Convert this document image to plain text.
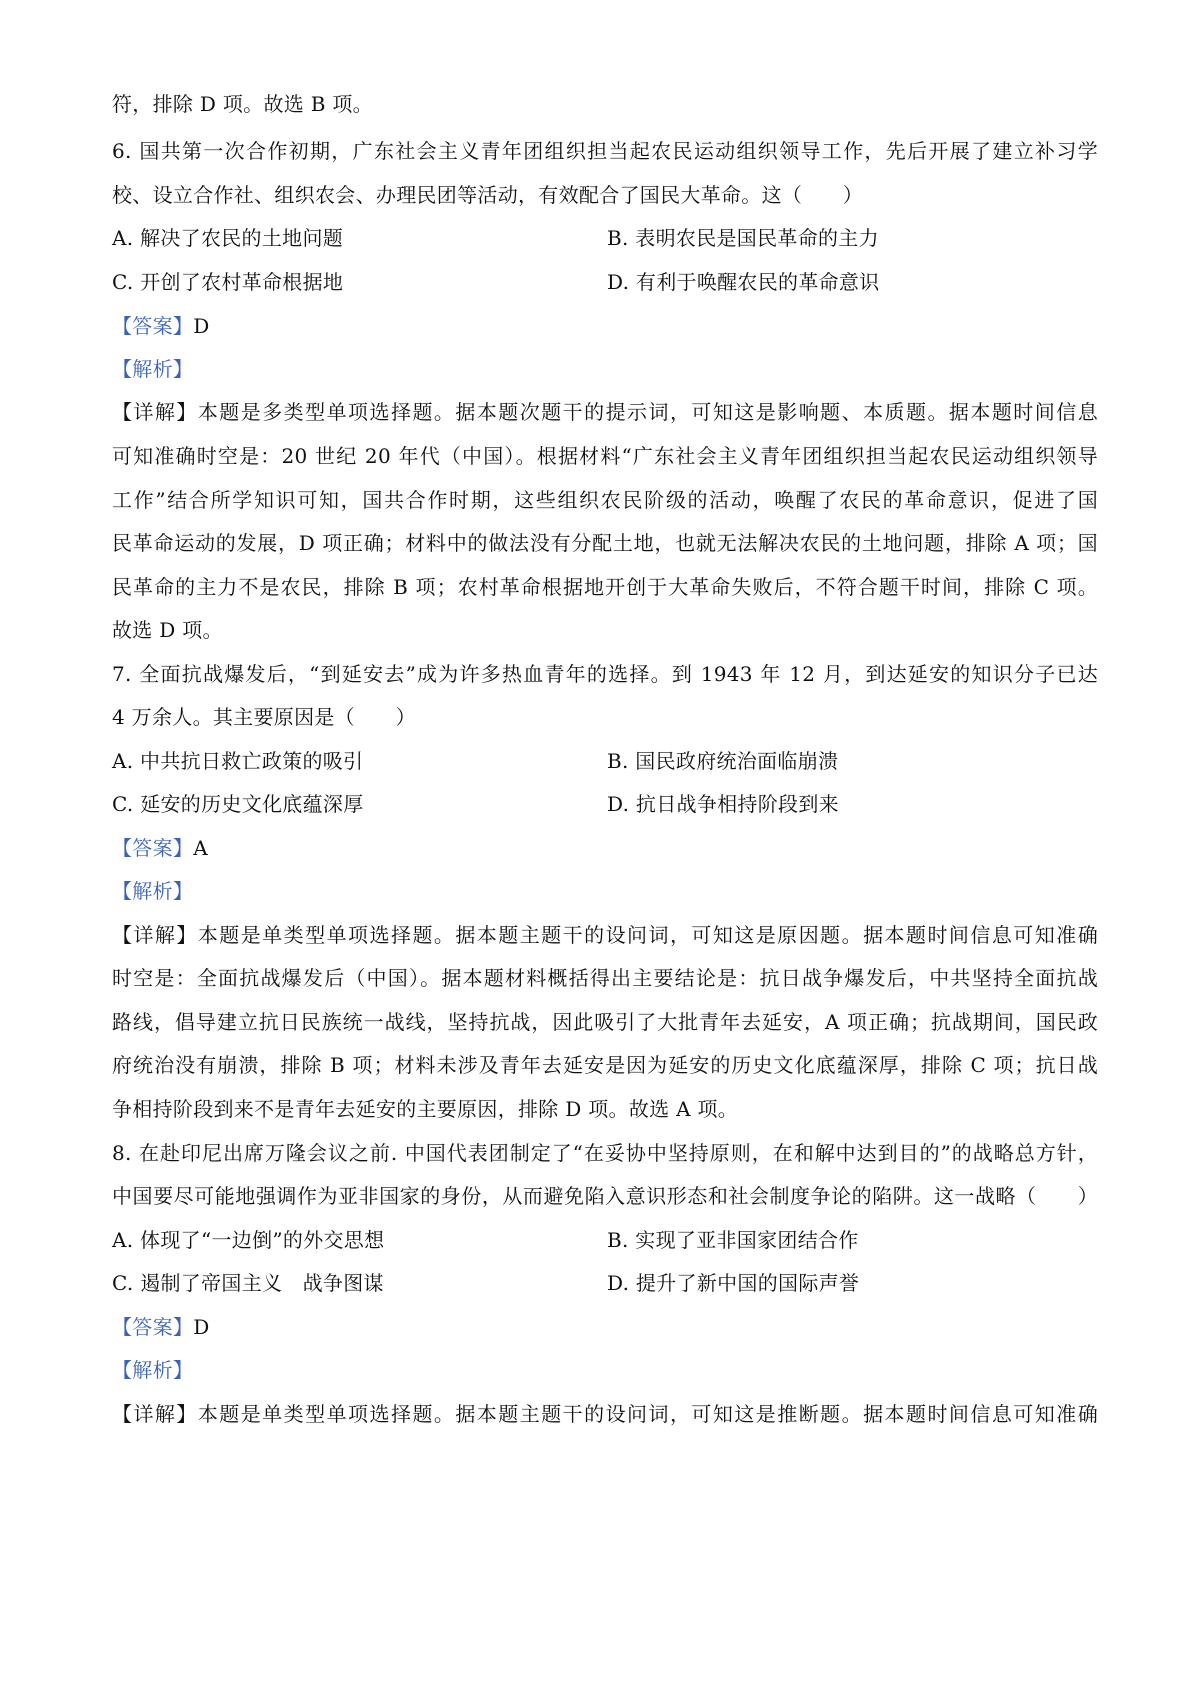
符，排除 D 项。故选 B 项。
6. 国共第一次合作初期，广东社会主义青年团组织担当起农民运动组织领导工作，先后开展了建立补习学
校、设立合作社、组织农会、办理民团等活动，有效配合了国民大革命。这（　　）
A. 解决了农民的土地问题	B. 表明农民是国民革命的主力
C. 开创了农村革命根据地	D. 有利于唤醒农民的革命意识
【答案】D
【解析】
【详解】本题是多类型单项选择题。据本题次题干的提示词，可知这是影响题、本质题。据本题时间信息
可知准确时空是：20 世纪 20 年代（中国）。根据材料“广东社会主义青年团组织担当起农民运动组织领导
工作”结合所学知识可知，国共合作时期，这些组织农民阶级的活动，唤醒了农民的革命意识，促进了国
民革命运动的发展，D 项正确；材料中的做法没有分配土地，也就无法解决农民的土地问题，排除 A 项；国
民革命的主力不是农民，排除 B 项；农村革命根据地开创于大革命失败后，不符合题干时间，排除 C 项。
故选 D 项。
7. 全面抗战爆发后，“到延安去”成为许多热血青年的选择。到 1943 年 12 月，到达延安的知识分子已达
4 万余人。其主要原因是（　　）
A. 中共抗日救亡政策的吸引	B. 国民政府统治面临崩溃
C. 延安的历史文化底蕴深厚	D. 抗日战争相持阶段到来
【答案】A
【解析】
【详解】本题是单类型单项选择题。据本题主题干的设问词，可知这是原因题。据本题时间信息可知准确
时空是：全面抗战爆发后（中国）。据本题材料概括得出主要结论是：抗日战争爆发后，中共坚持全面抗战
路线，倡导建立抗日民族统一战线，坚持抗战，因此吸引了大批青年去延安，A 项正确；抗战期间，国民政
府统治没有崩溃，排除 B 项；材料未涉及青年去延安是因为延安的历史文化底蕴深厚，排除 C 项；抗日战
争相持阶段到来不是青年去延安的主要原因，排除 D 项。故选 A 项。
8. 在赴印尼出席万隆会议之前. 中国代表团制定了“在妥协中坚持原则，在和解中达到目的”的战略总方针，
中国要尽可能地强调作为亚非国家的身份，从而避免陷入意识形态和社会制度争论的陷阱。这一战略（　　）
A. 体现了“一边倒”的外交思想	B. 实现了亚非国家团结合作
C. 遏制了帝国主义　战争图谋	D. 提升了新中国的国际声誉
【答案】D
【解析】
【详解】本题是单类型单项选择题。据本题主题干的设问词，可知这是推断题。据本题时间信息可知准确
